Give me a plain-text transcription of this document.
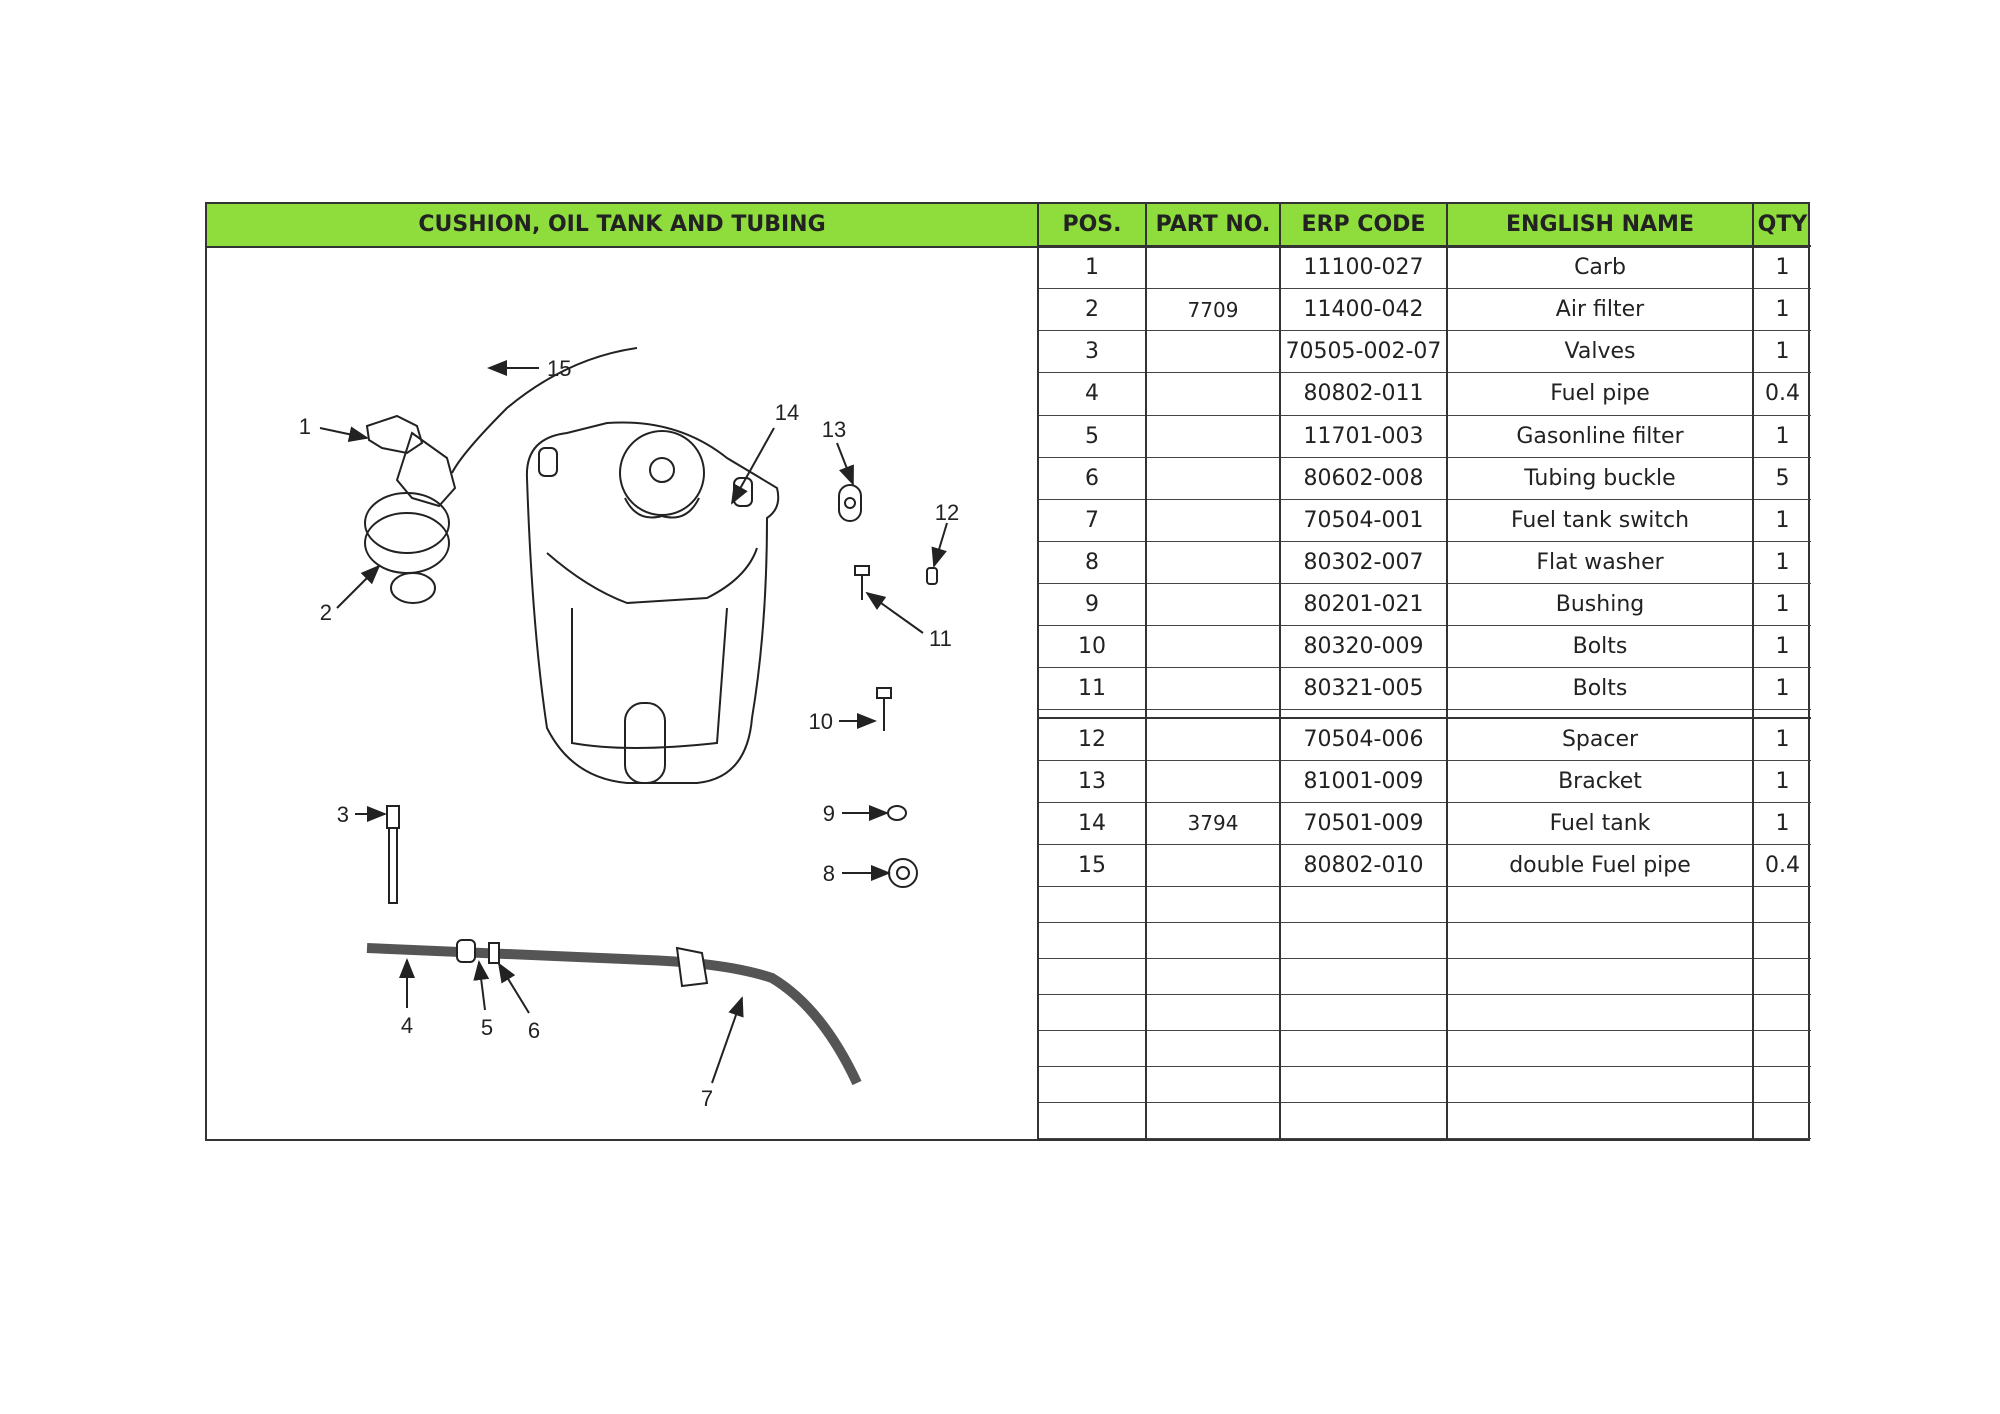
CUSHION, OIL TANK AND TUBING
1
2
3
4	5 6
7
8
9
10
11
12
13
14
15
POS.	PART NO.	ERP CODE	ENGLISH NAME	QTY
1		11100-027	Carb	1
2	7709	11400-042	Air filter	1
3		70505-002-07	Valves	1
4		80802-011	Fuel pipe	0.4
5		11701-003	Gasonline filter	1
6		80602-008	Tubing buckle	5
7		70504-001	Fuel tank switch	1
8		80302-007	Flat washer	1
9		80201-021	Bushing	1
10		80320-009	Bolts	1
11		80321-005	Bolts	1

12		70504-006	Spacer	1
13		81001-009	Bracket	1
14	3794	70501-009	Fuel tank	1
15		80802-010	double Fuel pipe	0.4
